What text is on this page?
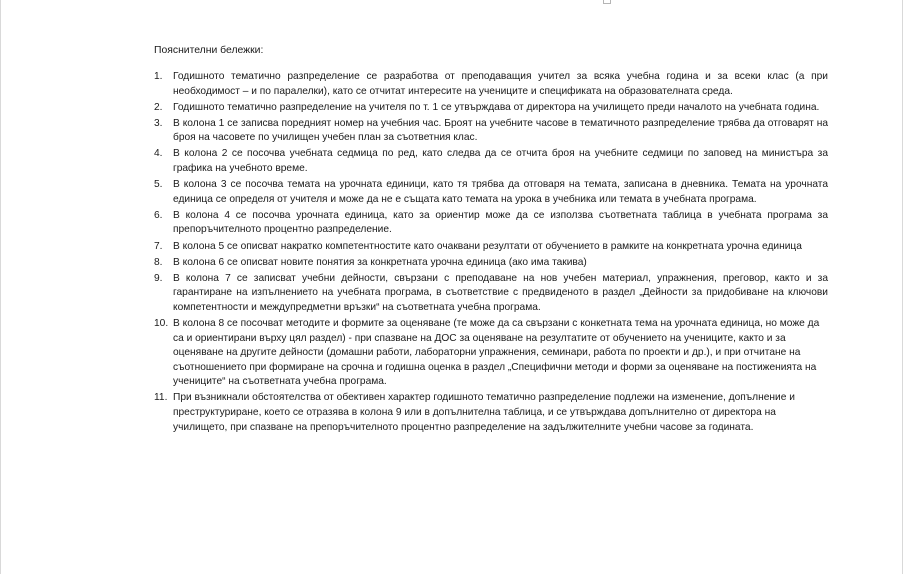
Пояснителни бележки:

1. Годишното тематично разпределение се разработва от преподаващия учител за всяка учебна година и за всеки клас (а при необходимост – и по паралелки), като се отчитат интересите на учениците и спецификата на образователната среда.
2. Годишното тематично разпределение на учителя по т. 1 се утвърждава от директора на училището преди началото на учебната година.
3. В колона 1 се записва поредният номер на учебния час. Броят на учебните часове в тематичното разпределение трябва да отговарят на броя на часовете по училищен учебен план за съответния клас.
4. В колона 2 се посочва учебната седмица по ред, като следва да се отчита броя на учебните седмици по заповед на министъра за графика на учебното време.
5. В колона 3 се посочва темата на урочната единици, като тя трябва да отговаря на темата, записана в дневника. Темата на урочната единица се определя от учителя и може да не е същата като темата на урока в учебника или темата в учебната програма.
6. В колона 4 се посочва урочната единица, като за ориентир може да се използва съответната таблица в учебната програма за препоръчителното процентно разпределение.
7. В колона 5 се описват накратко компетентностите като очаквани резултати от обучението в рамките на конкретната урочна единица
8. В колона 6 се описват новите понятия за конкретната урочна единица (ако има такива)
9. В колона 7 се записват учебни дейности, свързани с преподаване на нов учебен материал, упражнения, преговор, както и за гарантиране на изпълнението на учебната програма, в съответствие с предвиденото в раздел „Дейности за придобиване на ключови компетентности и междупредметни връзки“ на съответната учебна програма.
10. В колона 8 се посочват методите и формите за оценяване (те може да са свързани с конкетната тема на урочната единица, но може да са и ориентирани върху цял раздел) - при спазване на ДОС за оценяване на резултатите от обучението на учениците, както и за оценяване на другите дейности (домашни работи, лабораторни упражнения, семинари, работа по проекти и др.), и при отчитане на съотношението при формиране на срочна и годишна оценка в раздел „Специфични методи и форми за оценяване на постиженията на учениците“ на съответната учебна програма.
11. При възникнали обстоятелства от обективен характер годишното тематично разпределение подлежи на изменение, допълнение и преструктуриране, което се отразява в колона 9 или в допълнителна таблица, и се утвърждава допълнително от директора на училището, при спазване на препоръчителното процентно разпределение на задължителните учебни часове за годината.
